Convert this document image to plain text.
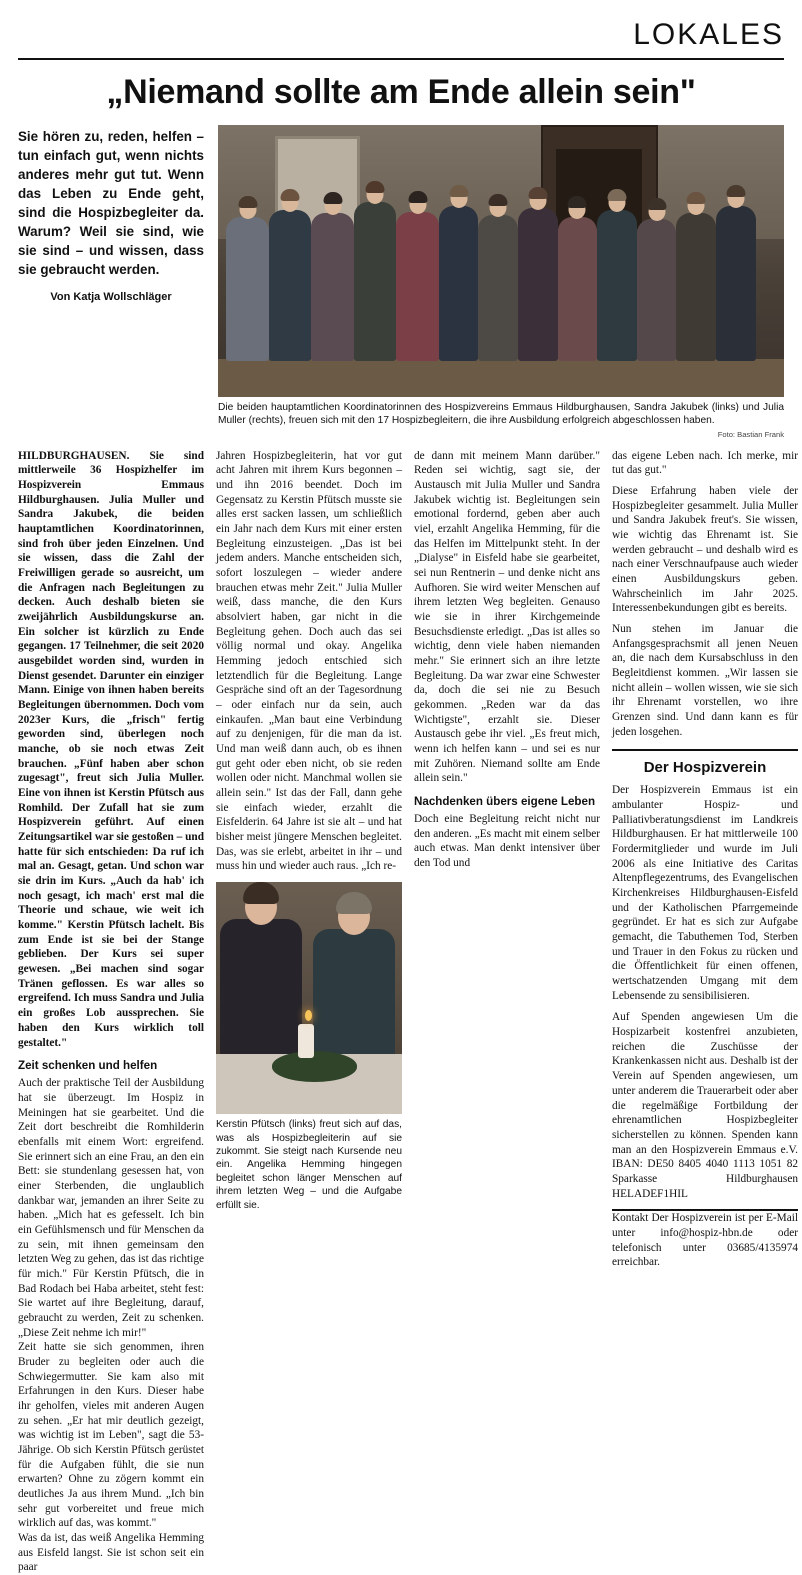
LOKALES
„Niemand sollte am Ende allein sein"
Sie hören zu, reden, helfen – tun einfach gut, wenn nichts anderes mehr gut tut. Wenn das Leben zu Ende geht, sind die Hospizbegleiter da. Warum? Weil sie sind, wie sie sind – und wissen, dass sie gebraucht werden.
Von Katja Wollschläger
Die beiden hauptamtlichen Koordinatorinnen des Hospizvereins Emmaus Hildburghausen, Sandra Jakubek (links) und Julia Muller (rechts), freuen sich mit den 17 Hospizbegleitern, die ihre Ausbildung erfolgreich abgeschlossen haben.
Foto: Bastian Frank

HILDBURGHAUSEN. Sie sind mittlerweile 36 Hospizhelfer im Hospizverein Emmaus Hildburghausen. Julia Muller und Sandra Jakubek, die beiden hauptamtlichen Koordinatorinnen, sind froh über jeden Einzelnen. Und sie wissen, dass die Zahl der Freiwilligen gerade so ausreicht, um die Anfragen nach Begleitungen zu decken. Auch deshalb bieten sie zweijährlich Ausbildungskurse an. Ein solcher ist kürzlich zu Ende gegangen. 17 Teilnehmer, die seit 2020 ausgebildet worden sind, wurden in Dienst gesendet. Darunter ein einziger Mann. Einige von ihnen haben bereits Begleitungen übernommen. Doch vom 2023er Kurs, die „frisch" fertig geworden sind, überlegen noch manche, ob sie noch etwas Zeit brauchen. „Fünf haben aber schon zugesagt", freut sich Julia Muller. Eine von ihnen ist Kerstin Pfütsch aus Romhild. Der Zufall hat sie zum Hospizverein geführt. Auf einen Zeitungsartikel war sie gestoßen – und hatte für sich entschieden: Da ruf ich mal an. Gesagt, getan. Und schon war sie drin im Kurs. „Auch da hab' ich noch gesagt, ich mach' erst mal die Theorie und schaue, wie weit ich komme." Kerstin Pfütsch lachelt. Bis zum Ende ist sie bei der Stange geblieben. Der Kurs sei super gewesen. „Bei machen sind sogar Tränen geflossen. Es war alles so ergreifend. Ich muss Sandra und Julia ein großes Lob aussprechen. Sie haben den Kurs wirklich toll gestaltet."

Zeit schenken und helfen

Auch der praktische Teil der Ausbildung hat sie überzeugt. Im Hospiz in Meiningen hat sie gearbeitet. Und die Zeit dort beschreibt die Romhilderin ebenfalls mit einem Wort: ergreifend. Sie erinnert sich an eine Frau, an den ein Bett: sie stundenlang gesessen hat, von einer Sterbenden, die unglaublich dankbar war, jemanden an ihrer Seite zu haben. „Mich hat es gefesselt. Ich bin ein Gefühlsmensch und für Menschen da zu sein, mit ihnen gemeinsam den letzten Weg zu gehen, das ist das richtige für mich." Für Kerstin Pfütsch, die in Bad Rodach bei Haba arbeitet, steht fest: Sie wartet auf ihre Begleitung, darauf, gebraucht zu werden, Zeit zu schenken. „Diese Zeit nehme ich mir!"

Zeit hatte sie sich genommen, ihren Bruder zu begleiten oder auch die Schwiegermutter. Sie kam also mit Erfahrungen in den Kurs. Dieser habe ihr geholfen, vieles mit anderen Augen zu sehen. „Er hat mir deutlich gezeigt, was wichtig ist im Leben", sagt die 53-Jährige. Ob sich Kerstin Pfütsch gerüstet für die Aufgaben fühlt, die sie nun erwarten? Ohne zu zögern kommt ein deutliches Ja aus ihrem Mund. „Ich bin sehr gut vorbereitet und freue mich wirklich auf das, was kommt."

Was da ist, das weiß Angelika Hemming aus Eisfeld langst. Sie ist schon seit ein paar

Jahren Hospizbegleiterin, hat vor gut acht Jahren mit ihrem Kurs begonnen – und ihn 2016 beendet. Doch im Gegensatz zu Kerstin Pfütsch musste sie alles erst sacken lassen, um schließlich ein Jahr nach dem Kurs mit einer ersten Begleitung einzusteigen. „Das ist bei jedem anders. Manche entscheiden sich, sofort loszulegen – wieder andere brauchen etwas mehr Zeit." Julia Muller weiß, dass manche, die den Kurs absolviert haben, gar nicht in die Begleitung gehen. Doch auch das sei völlig normal und okay. Angelika Hemming jedoch entschied sich letztendlich für die Begleitung. Lange Gespräche sind oft an der Tagesordnung – oder einfach nur da sein, auch einkaufen. „Man baut eine Verbindung auf zu denjenigen, für die man da ist. Und man weiß dann auch, ob es ihnen gut geht oder eben nicht, ob sie reden wollen oder nicht. Manchmal wollen sie allein sein." Ist das der Fall, dann gehe sie einfach wieder, erzahlt die Eisfelderin. 64 Jahre ist sie alt – und hat bisher meist jüngere Menschen begleitet. Das, was sie erlebt, arbeitet in ihr – und muss hin und wieder auch raus. „Ich re-

Kerstin Pfütsch (links) freut sich auf das, was als Hospizbegleiterin auf sie zukommt. Sie steigt nach Kursende neu ein. Angelika Hemming hingegen begleitet schon länger Menschen auf ihrem letzten Weg – und die Aufgabe erfüllt sie.

de dann mit meinem Mann darüber." Reden sei wichtig, sagt sie, der Austausch mit Julia Muller und Sandra Jakubek wichtig ist. Begleitungen sein emotional fordernd, geben aber auch viel, erzahlt Angelika Hemming, für die das Helfen im Mittelpunkt steht. In der „Dialyse" in Eisfeld habe sie gearbeitet, sei nun Rentnerin – und denke nicht ans Aufhoren. Sie wird weiter Menschen auf ihrem letzten Weg begleiten. Genauso wie sie in ihrer Kirchgemeinde Besuchsdienste erledigt. „Das ist alles so wichtig, denn viele haben niemanden mehr." Sie erinnert sich an ihre letzte Begleitung. Da war zwar eine Schwester da, doch die sei nie zu Besuch gekommen. „Reden war da das Wichtigste", erzahlt sie. Dieser Austausch gebe ihr viel. „Es freut mich, wenn ich helfen kann – und sei es nur mit Zuhören. Niemand sollte am Ende allein sein."

Nachdenken übers eigene Leben

Doch eine Begleitung reicht nicht nur den anderen. „Es macht mit einem selber auch etwas. Man denkt intensiver über den Tod und

das eigene Leben nach. Ich merke, mir tut das gut."

Diese Erfahrung haben viele der Hospizbegleiter gesammelt. Julia Muller und Sandra Jakubek freut's. Sie wissen, wie wichtig das Ehrenamt ist. Sie werden gebraucht – und deshalb wird es nach einer Verschnaufpause auch wieder einen Ausbildungskurs geben. Wahrscheinlich im Jahr 2025. Interessenbekundungen gibt es bereits.

Nun stehen im Januar die Anfangsgesprachsmit all jenen Neuen an, die nach dem Kursabschluss in den Begleitdienst kommen. „Wir lassen sie nicht allein – wollen wissen, wie sie sich ihr Ehrenamt vorstellen, wo ihre Grenzen sind. Und dann kann es für jeden losgehen.

Der Hospizverein

Der Hospizverein Emmaus ist ein ambulanter Hospiz- und Palliativberatungsdienst im Landkreis Hildburghausen. Er hat mittlerweile 100 Fordermitglieder und wurde im Juli 2006 als eine Initiative des Caritas Altenpflegezentrums, des Evangelischen Kirchenkreises Hildburghausen-Eisfeld und der Katholischen Pfarrgemeinde gegründet. Er hat es sich zur Aufgabe gemacht, die Tabuthemen Tod, Sterben und Trauer in den Fokus zu rücken und die Öffentlichkeit für einen offenen, wertschatzenden Umgang mit dem Lebensende zu sensibilisieren.

Auf Spenden angewiesen Um die Hospizarbeit kostenfrei anzubieten, reichen die Zuschüsse der Krankenkassen nicht aus. Deshalb ist der Verein auf Spenden angewiesen, um unter anderem die Trauerarbeit oder aber die regelmäßige Fortbildung der ehrenamtlichen Hospizbegleiter sicherstellen zu können. Spenden kann man an den Hospizverein Emmaus e.V. IBAN: DE50 8405 4040 1113 1051 82 Sparkasse Hildburghausen HELADEF1HIL

Kontakt Der Hospizverein ist per E-Mail unter info@hospiz-hbn.de oder telefonisch unter 03685/4135974 erreichbar.
